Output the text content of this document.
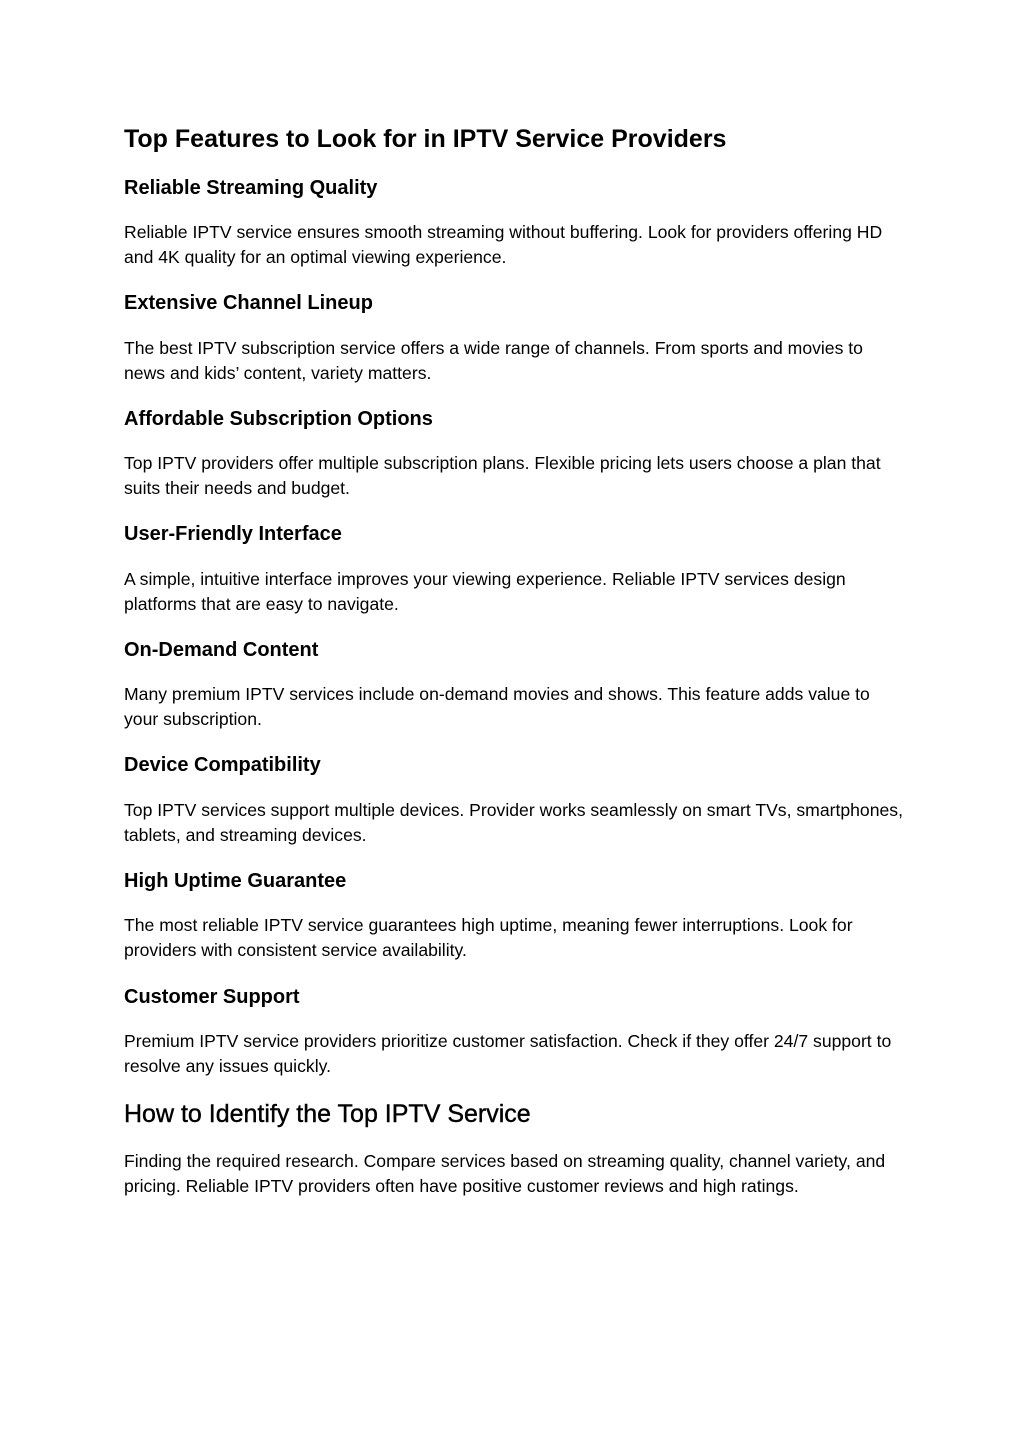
Top Features to Look for in IPTV Service Providers
Reliable Streaming Quality

Reliable IPTV service ensures smooth streaming without buffering. Look for providers offering HD and 4K quality for an optimal viewing experience.

Extensive Channel Lineup

The best IPTV subscription service offers a wide range of channels. From sports and movies to news and kids’ content, variety matters.

Affordable Subscription Options

Top IPTV providers offer multiple subscription plans. Flexible pricing lets users choose a plan that suits their needs and budget.

User-Friendly Interface

A simple, intuitive interface improves your viewing experience. Reliable IPTV services design platforms that are easy to navigate.

On-Demand Content

Many premium IPTV services include on-demand movies and shows. This feature adds value to your subscription.

Device Compatibility

Top IPTV services support multiple devices. Provider works seamlessly on smart TVs, smartphones, tablets, and streaming devices.

High Uptime Guarantee

The most reliable IPTV service guarantees high uptime, meaning fewer interruptions. Look for providers with consistent service availability.

Customer Support

Premium IPTV service providers prioritize customer satisfaction. Check if they offer 24/7 support to resolve any issues quickly.

How to Identify the Top IPTV Service

Finding the required research. Compare services based on streaming quality, channel variety, and pricing. Reliable IPTV providers often have positive customer reviews and high ratings.
